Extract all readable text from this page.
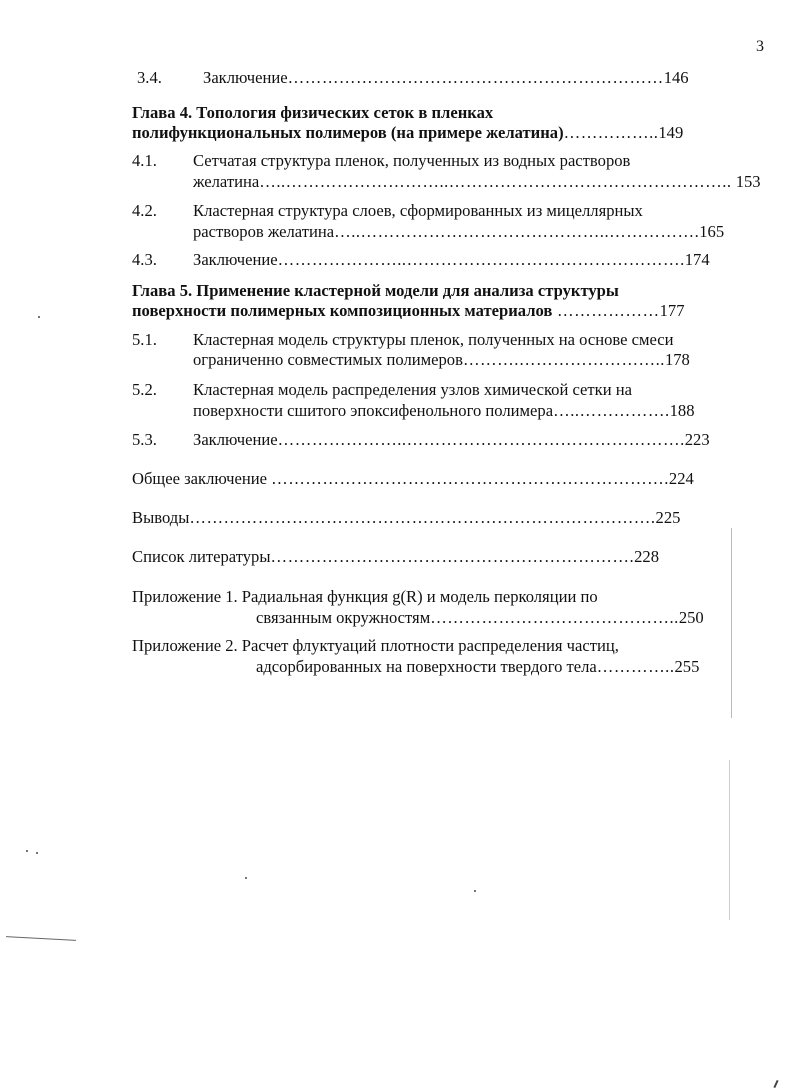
3
3.4. Заключение…………………………………………………………146
Глава 4. Топология физических сеток в пленках
полифункциональных полимеров (на примере желатина)……………..149
4.1. Сетчатая структура пленок, полученных из водных растворов
желатина…..………………………..………………………………………….. 153
4.2. Кластерная структура слоев, сформированных из мицеллярных
растворов желатина…..……………………………………..…………….165
4.3. Заключение…………………..………………………………………….174
Глава 5. Применение кластерной модели для анализа структуры
поверхности полимерных композиционных материалов ………………177
5.1. Кластерная модель структуры пленок, полученных на основе смеси
ограниченно совместимых полимеров……….……………………..178
5.2. Кластерная модель распределения узлов химической сетки на
поверхности сшитого эпоксифенольного полимера…..…………….188
5.3. Заключение…………………..………………………………………….223
Общее заключение …………………………………………………………….224
Выводы……………………………………………………………………….225
Список литературы……………………………………………………….228
Приложение 1. Радиальная функция g(R) и модель перколяции по
связанным окружностям……………………………………..250
Приложение 2. Расчет флуктуаций плотности распределения частиц,
адсорбированных на поверхности твердого тела…………..255
